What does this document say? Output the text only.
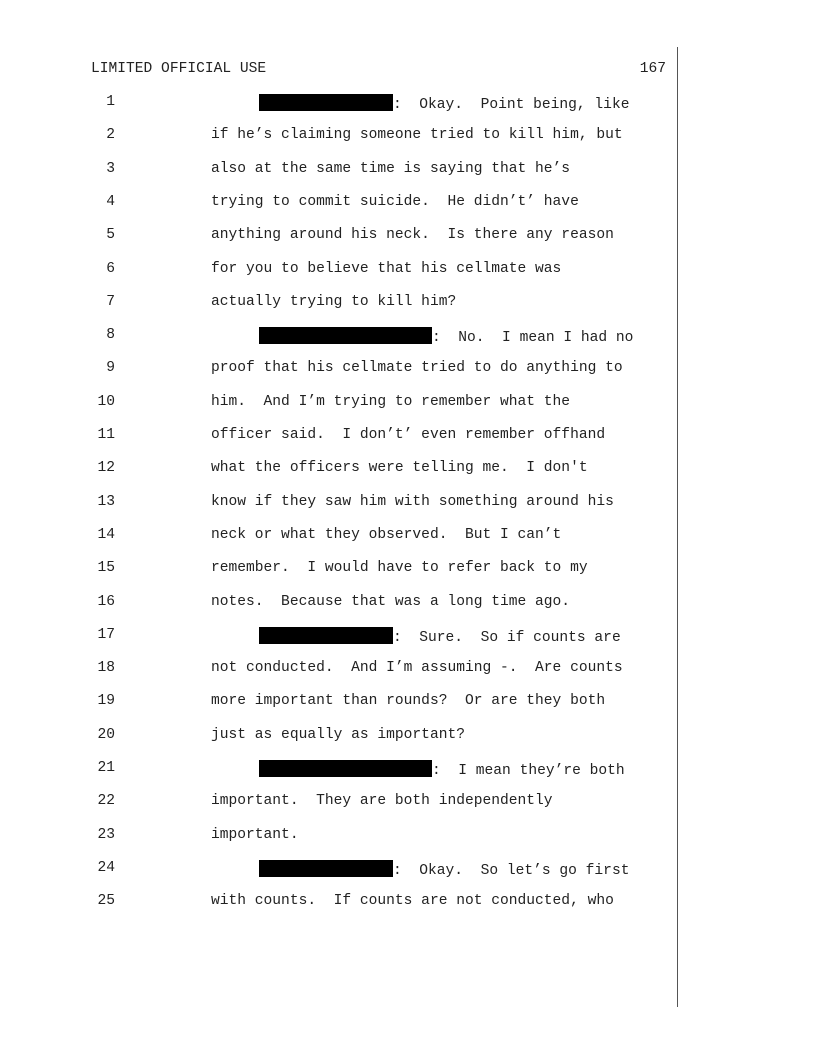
LIMITED OFFICIAL USE	167
1	:  Okay.  Point being, like
2	if he’s claiming someone tried to kill him, but
3	also at the same time is saying that he’s
4	trying to commit suicide.  He didn’t’ have
5	anything around his neck.  Is there any reason
6	for you to believe that his cellmate was
7	actually trying to kill him?
8	:  No.  I mean I had no
9	proof that his cellmate tried to do anything to
10	him.  And I’m trying to remember what the
11	officer said.  I don’t’ even remember offhand
12	what the officers were telling me.  I don't
13	know if they saw him with something around his
14	neck or what they observed.  But I can’t
15	remember.  I would have to refer back to my
16	notes.  Because that was a long time ago.
17	:  Sure.  So if counts are
18	not conducted.  And I’m assuming -.  Are counts
19	more important than rounds?  Or are they both
20	just as equally as important?
21	:  I mean they’re both
22	important.  They are both independently
23	important.
24	:  Okay.  So let’s go first
25	with counts.  If counts are not conducted, who
